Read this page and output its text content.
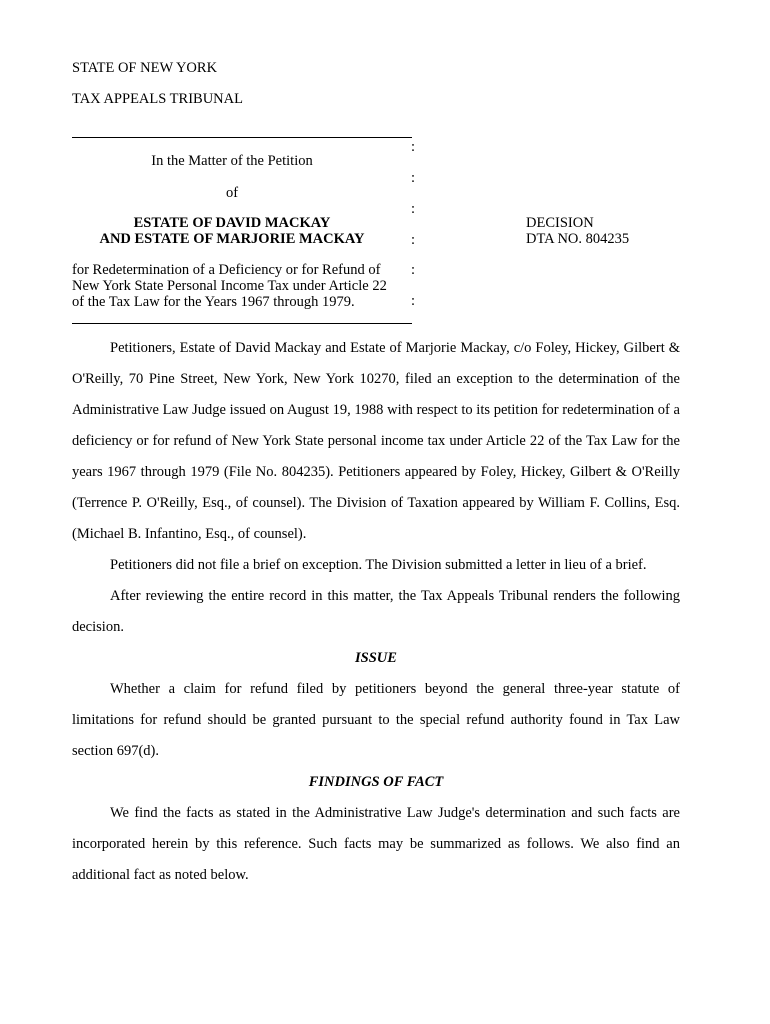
STATE OF NEW YORK
TAX APPEALS TRIBUNAL
:
:
:
:
:
:
In the Matter of the Petition
of
ESTATE OF DAVID MACKAY
AND ESTATE OF MARJORIE MACKAY
for Redetermination of a Deficiency or for Refund of
New York State Personal Income Tax under Article 22
of the Tax Law for the Years 1967 through 1979.
DECISION
DTA NO. 804235

Petitioners, Estate of David Mackay and Estate of Marjorie Mackay, c/o Foley, Hickey, Gilbert & O'Reilly, 70 Pine Street, New York, New York 10270, filed an exception to the determination of the Administrative Law Judge issued on August 19, 1988 with respect to its petition for redetermination of a deficiency or for refund of New York State personal income tax under Article 22 of the Tax Law for the years 1967 through 1979 (File No. 804235). Petitioners appeared by Foley, Hickey, Gilbert & O'Reilly (Terrence P. O'Reilly, Esq., of counsel). The Division of Taxation appeared by William F. Collins, Esq. (Michael B. Infantino, Esq., of counsel).

Petitioners did not file a brief on exception. The Division submitted a letter in lieu of a brief.

After reviewing the entire record in this matter, the Tax Appeals Tribunal renders the following decision.

ISSUE

Whether a claim for refund filed by petitioners beyond the general three-year statute of limitations for refund should be granted pursuant to the special refund authority found in Tax Law section 697(d).

FINDINGS OF FACT

We find the facts as stated in the Administrative Law Judge's determination and such facts are incorporated herein by this reference. Such facts may be summarized as follows. We also find an additional fact as noted below.
